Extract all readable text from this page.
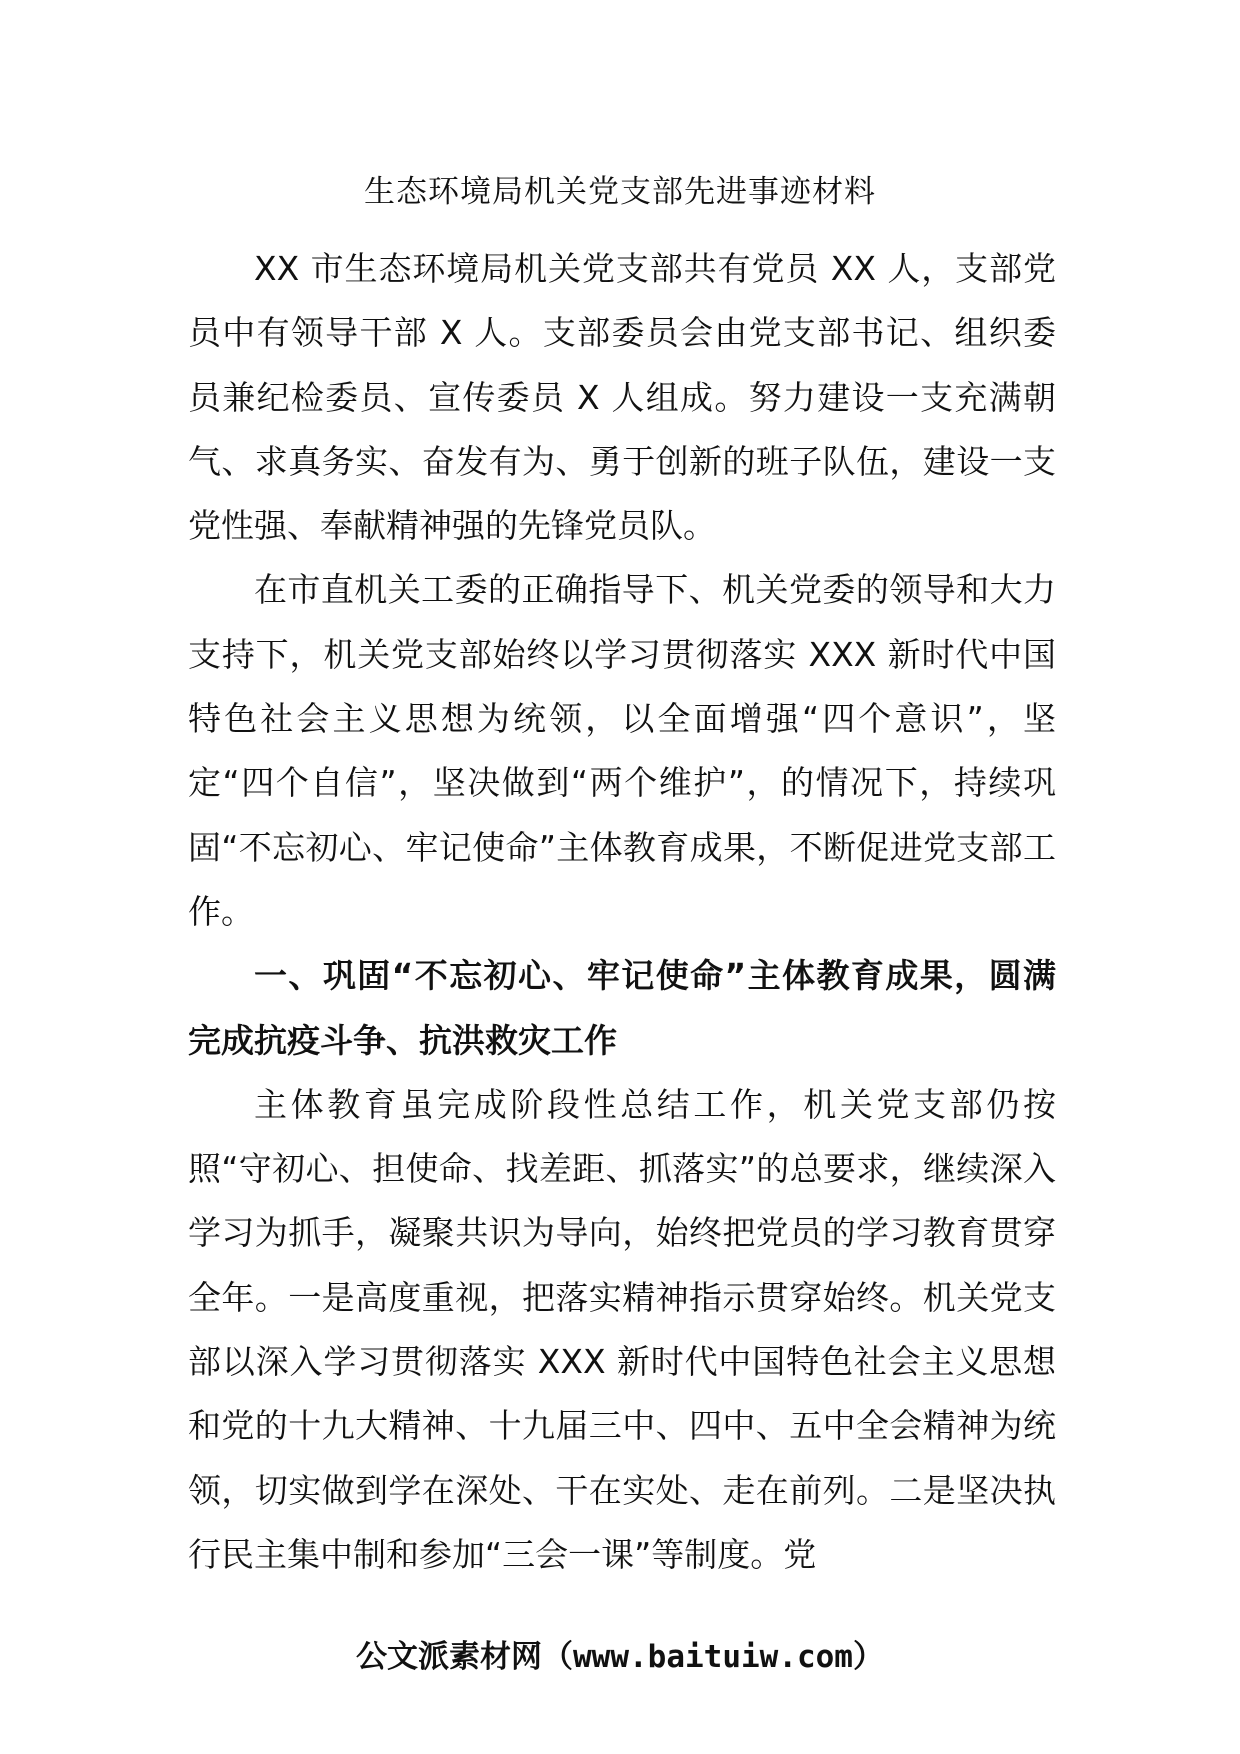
生态环境局机关党支部先进事迹材料

XX 市生态环境局机关党支部共有党员 XX 人，支部党员中有领导干部 X 人。支部委员会由党支部书记、组织委员兼纪检委员、宣传委员 X 人组成。努力建设一支充满朝气、求真务实、奋发有为、勇于创新的班子队伍，建设一支党性强、奉献精神强的先锋党员队。

在市直机关工委的正确指导下、机关党委的领导和大力支持下，机关党支部始终以学习贯彻落实 XXX 新时代中国特色社会主义思想为统领，以全面增强“四个意识”，坚定“四个自信”，坚决做到“两个维护”，的情况下，持续巩固“不忘初心、牢记使命”主体教育成果，不断促进党支部工作。

一、巩固“不忘初心、牢记使命”主体教育成果，圆满完成抗疫斗争、抗洪救灾工作

主体教育虽完成阶段性总结工作，机关党支部仍按照“守初心、担使命、找差距、抓落实”的总要求，继续深入学习为抓手，凝聚共识为导向，始终把党员的学习教育贯穿全年。一是高度重视，把落实精神指示贯穿始终。机关党支部以深入学习贯彻落实 XXX 新时代中国特色社会主义思想和党的十九大精神、十九届三中、四中、五中全会精神为统领，切实做到学在深处、干在实处、走在前列。二是坚决执行民主集中制和参加“三会一课”等制度。党

公文派素材网（www.baituiw.com）
